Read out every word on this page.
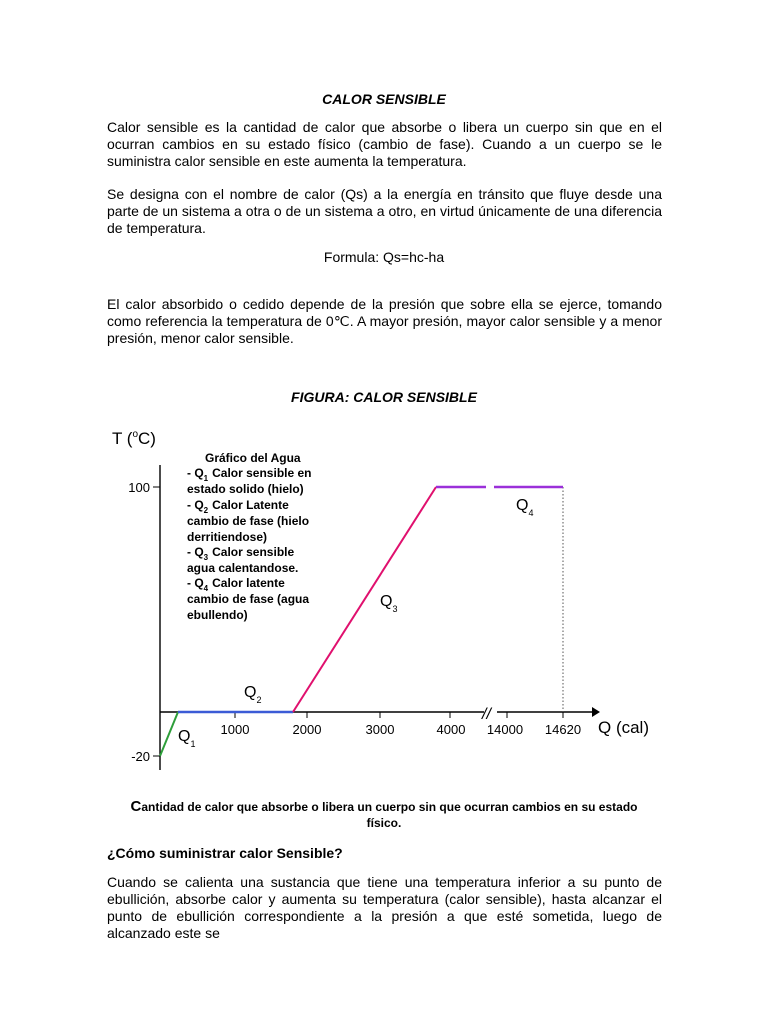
CALOR SENSIBLE
Calor sensible es la cantidad de calor que absorbe o libera un cuerpo sin que en el ocurran cambios en su estado físico (cambio de fase). Cuando a un cuerpo se le suministra calor sensible en este aumenta la temperatura.
Se designa con el nombre de calor (Qs) a la energía en tránsito que fluye desde una parte de un sistema a otra o de un sistema a otro, en virtud únicamente de una diferencia de temperatura.
Formula: Qs=hc-ha
El calor absorbido o cedido depende de la presión que sobre ella se ejerce, tomando como referencia la temperatura de 0℃. A mayor presión, mayor calor sensible y a menor presión, menor calor sensible.
FIGURA: CALOR SENSIBLE
//
100
-20
1000	2000	3000	4000 14000 14620
T ($^o$C)
Q (cal)
$Q_1$
$Q_2$
$Q_3$
$Q_4$
Gráfico del Agua
- $Q_1$ Calor sensible en
estado solido (hielo)
- $Q_2$ Calor Latente
cambio de fase (hielo
derritiendose)
- $Q_3$ Calor sensible
agua calentandose.
- $Q_4$ Calor latente
cambio de fase (agua
ebullendo)
Cantidad de calor que absorbe o libera un cuerpo sin que ocurran cambios en su estado físico.
¿Cómo suministrar calor Sensible?
Cuando se calienta una sustancia que tiene una temperatura inferior a su punto de ebullición, absorbe calor y aumenta su temperatura (calor sensible), hasta alcanzar el punto de ebullición correspondiente a la presión a que esté sometida, luego de alcanzado este se
